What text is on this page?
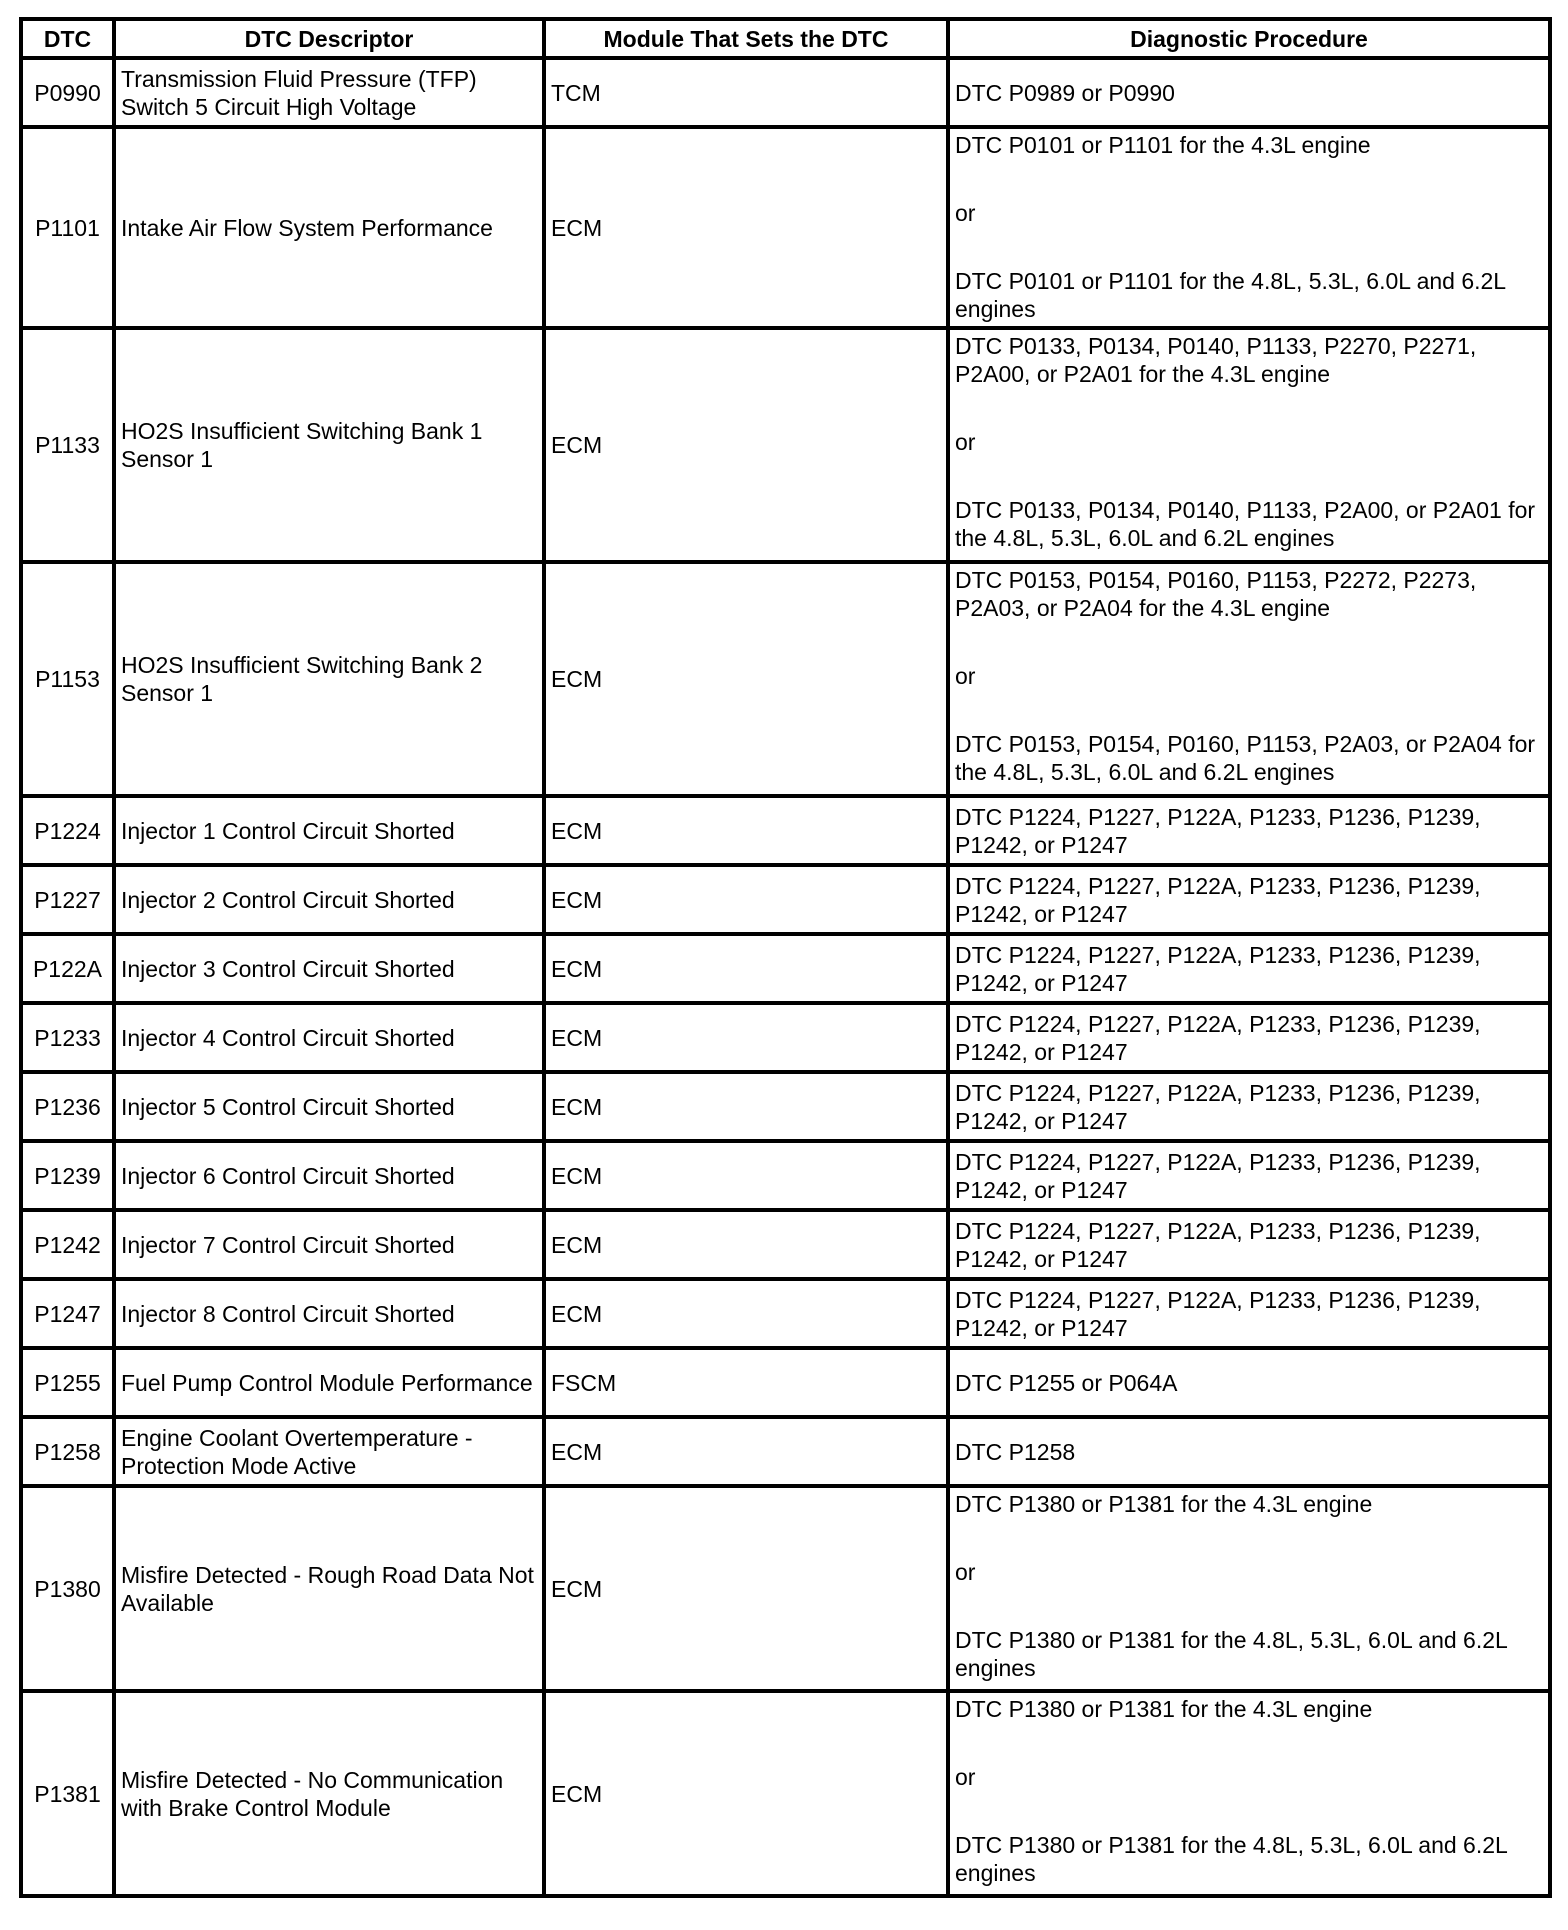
DTC	DTC Descriptor	Module That Sets the DTC	Diagnostic Procedure
P0990	Transmission Fluid Pressure (TFP) Switch 5 Circuit High Voltage	TCM	DTC P0989 or P0990

P1101	Intake Air Flow System Performance	ECM	DTC P0101 or P1101 for the 4.3L engine
or
DTC P0101 or P1101 for the 4.8L, 5.3L, 6.0L and 6.2L engines

P1133	HO2S Insufficient Switching Bank 1 Sensor 1	ECM	DTC P0133, P0134, P0140, P1133, P2270, P2271, P2A00, or P2A01 for the 4.3L engine
or
DTC P0133, P0134, P0140, P1133, P2A00, or P2A01 for the 4.8L, 5.3L, 6.0L and 6.2L engines

P1153	HO2S Insufficient Switching Bank 2 Sensor 1	ECM	DTC P0153, P0154, P0160, P1153, P2272, P2273, P2A03, or P2A04 for the 4.3L engine
or
DTC P0153, P0154, P0160, P1153, P2A03, or P2A04 for the 4.8L, 5.3L, 6.0L and 6.2L engines

P1224	Injector 1 Control Circuit Shorted	ECM	DTC P1224, P1227, P122A, P1233, P1236, P1239, P1242, or P1247

P1227	Injector 2 Control Circuit Shorted	ECM	DTC P1224, P1227, P122A, P1233, P1236, P1239, P1242, or P1247

P122A	Injector 3 Control Circuit Shorted	ECM	DTC P1224, P1227, P122A, P1233, P1236, P1239, P1242, or P1247

P1233	Injector 4 Control Circuit Shorted	ECM	DTC P1224, P1227, P122A, P1233, P1236, P1239, P1242, or P1247

P1236	Injector 5 Control Circuit Shorted	ECM	DTC P1224, P1227, P122A, P1233, P1236, P1239, P1242, or P1247

P1239	Injector 6 Control Circuit Shorted	ECM	DTC P1224, P1227, P122A, P1233, P1236, P1239, P1242, or P1247

P1242	Injector 7 Control Circuit Shorted	ECM	DTC P1224, P1227, P122A, P1233, P1236, P1239, P1242, or P1247

P1247	Injector 8 Control Circuit Shorted	ECM	DTC P1224, P1227, P122A, P1233, P1236, P1239, P1242, or P1247

P1255	Fuel Pump Control Module Performance	FSCM	DTC P1255 or P064A

P1258	Engine Coolant Overtemperature - Protection Mode Active	ECM	DTC P1258

P1380	Misfire Detected - Rough Road Data Not Available	ECM	DTC P1380 or P1381 for the 4.3L engine
or
DTC P1380 or P1381 for the 4.8L, 5.3L, 6.0L and 6.2L engines

P1381	Misfire Detected - No Communication with Brake Control Module	ECM	DTC P1380 or P1381 for the 4.3L engine
or
DTC P1380 or P1381 for the 4.8L, 5.3L, 6.0L and 6.2L engines
